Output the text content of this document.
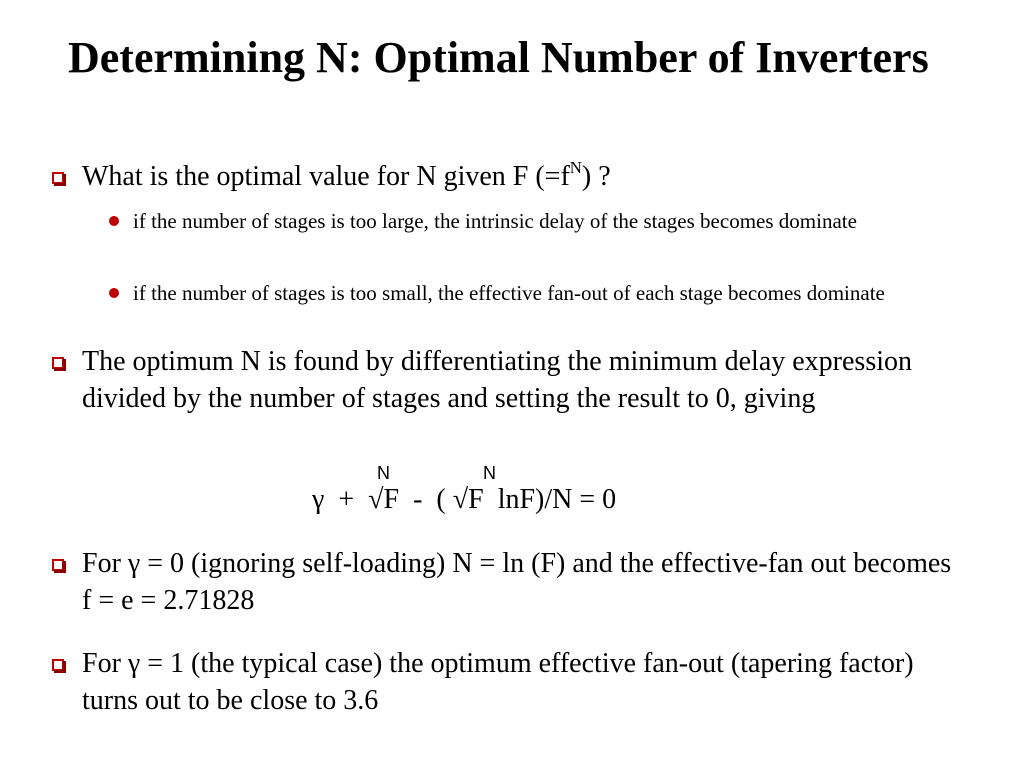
Determining N: Optimal Number of Inverters
What is the optimal value for N given F $(=f^N)$ ?
if the number of stages is too large, the intrinsic delay of the stages becomes dominate
if the number of stages is too small, the effective fan-out of each stage becomes dominate
The optimum N is found by differentiating the minimum delay expression divided by the number of stages and setting the result to 0, giving
N	N
γ  +  √F  -  ( √F  lnF)/N = 0
For γ = 0 (ignoring self-loading) N = ln (F) and the effective-fan out becomes f = e = 2.71828
For γ = 1 (the typical case) the optimum effective fan-out (tapering factor) turns out to be close to 3.6
